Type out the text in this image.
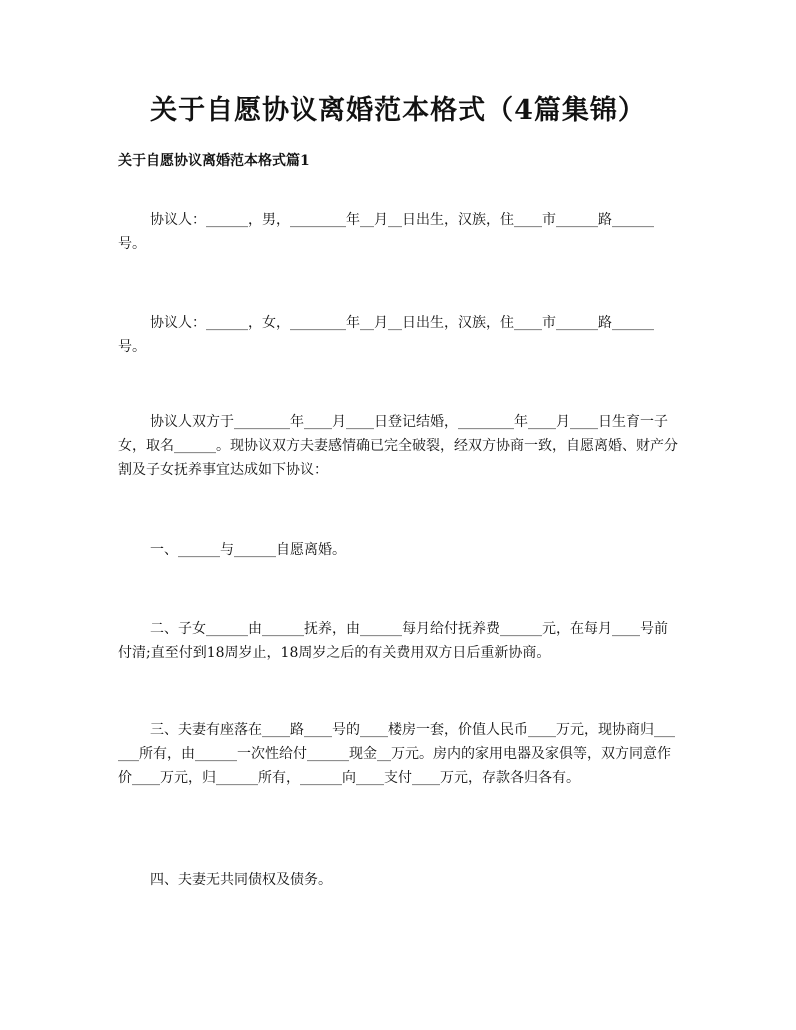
关于自愿协议离婚范本格式（4篇集锦）
关于自愿协议离婚范本格式篇1

协议人：______，男，________年__月__日出生，汉族，住____市______路______号。

协议人：______，女，________年__月__日出生，汉族，住____市______路______号。

协议人双方于________年____月____日登记结婚，________年____月____日生育一子女，取名______。现协议双方夫妻感情确已完全破裂，经双方协商一致，自愿离婚、财产分割及子女抚养事宜达成如下协议：

一、______与______自愿离婚。

二、子女______由______抚养，由______每月给付抚养费______元，在每月____号前付清;直至付到18周岁止，18周岁之后的有关费用双方日后重新协商。

三、夫妻有座落在____路____号的____楼房一套，价值人民币____万元，现协商归______所有，由______一次性给付______现金__万元。房内的家用电器及家俱等，双方同意作价____万元，归______所有，______向____支付____万元，存款各归各有。

四、夫妻无共同债权及债务。
